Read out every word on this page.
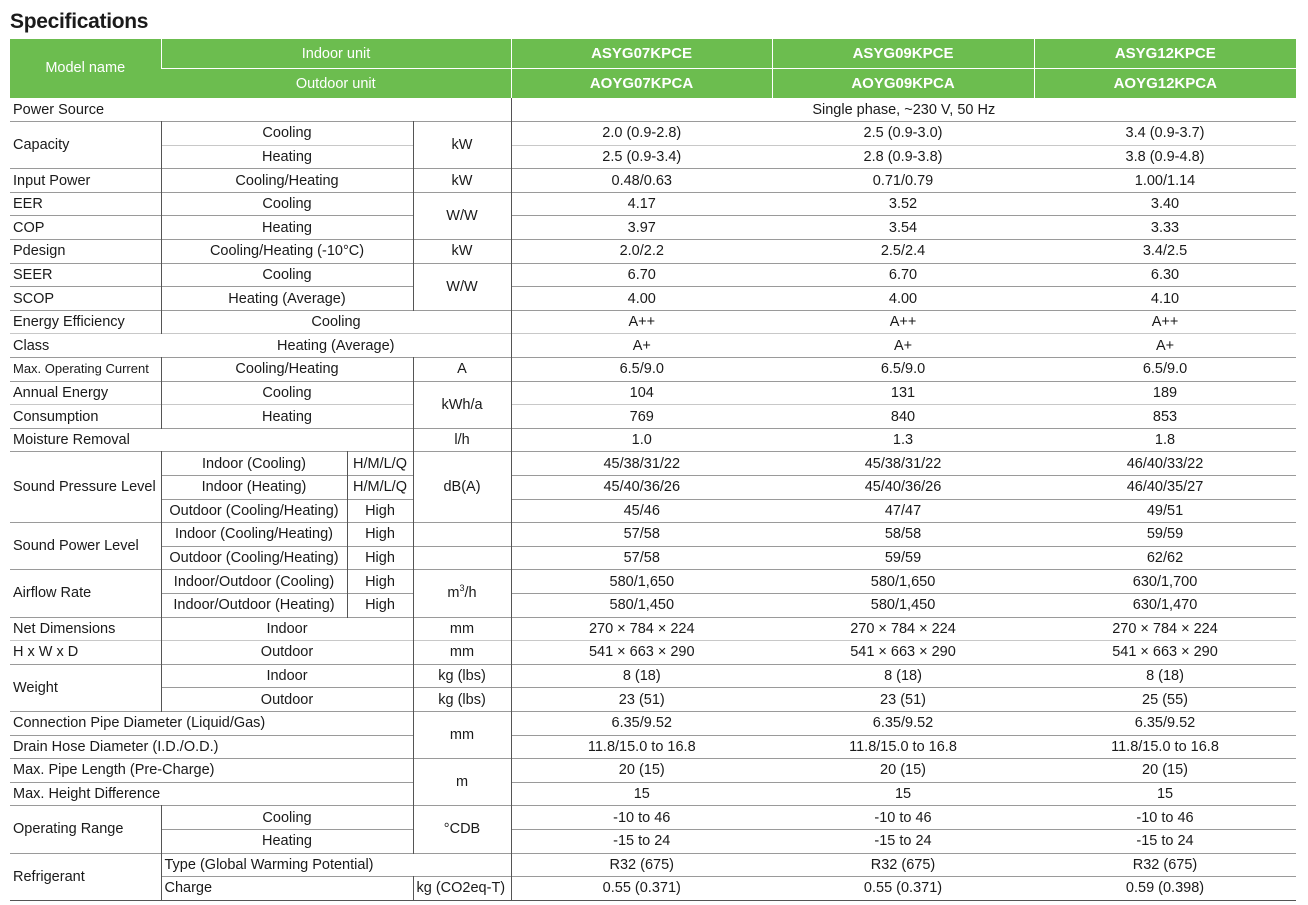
Specifications
Model name	Indoor unit			ASYG07KPCE	ASYG09KPCE	ASYG12KPCE
	Outdoor unit			AOYG07KPCA	AOYG09KPCA	AOYG12KPCA
Power Source				Single phase, ~230 V, 50 Hz		
Capacity	Cooling		kW	2.0 (0.9-2.8)	2.5 (0.9-3.0)	3.4 (0.9-3.7)
	Heating			2.5 (0.9-3.4)	2.8 (0.9-3.8)	3.8 (0.9-4.8)
Input Power	Cooling/Heating		kW	0.48/0.63	0.71/0.79	1.00/1.14
EER	Cooling		W/W	4.17	3.52	3.40
COP	Heating			3.97	3.54	3.33
Pdesign	Cooling/Heating (-10°C)		kW	2.0/2.2	2.5/2.4	3.4/2.5
SEER	Cooling		W/W	6.70	6.70	6.30
SCOP	Heating (Average)			4.00	4.00	4.10
Energy Efficiency	Cooling			A++	A++	A++
Class	Heating (Average)			A+	A+	A+
Max. Operating Current	Cooling/Heating		A	6.5/9.0	6.5/9.0	6.5/9.0
Annual Energy	Cooling		kWh/a	104	131	189
Consumption	Heating			769	840	853
Moisture Removal			l/h	1.0	1.3	1.8
Sound Pressure Level	Indoor (Cooling)	H/M/L/Q	dB(A)	45/38/31/22	45/38/31/22	46/40/33/22
	Indoor (Heating)	H/M/L/Q		45/40/36/26	45/40/36/26	46/40/35/27
	Outdoor (Cooling/Heating)	High		45/46	47/47	49/51
Sound Power Level	Indoor (Cooling/Heating)	High		57/58	58/58	59/59
	Outdoor (Cooling/Heating)	High		57/58	59/59	62/62
Airflow Rate	Indoor/Outdoor (Cooling)	High	$m^3/h$	580/1,650	580/1,650	630/1,700
	Indoor/Outdoor (Heating)	High		580/1,450	580/1,450	630/1,470
Net Dimensions	Indoor		mm	270 × 784 × 224	270 × 784 × 224	270 × 784 × 224
H x W x D	Outdoor		mm	541 × 663 × 290	541 × 663 × 290	541 × 663 × 290
Weight	Indoor		kg (lbs)	8 (18)	8 (18)	8 (18)
	Outdoor		kg (lbs)	23 (51)	23 (51)	25 (55)
Connection Pipe Diameter (Liquid/Gas)			mm	6.35/9.52	6.35/9.52	6.35/9.52
Drain Hose Diameter (I.D./O.D.)				11.8/15.0 to 16.8	11.8/15.0 to 16.8	11.8/15.0 to 16.8
Max. Pipe Length (Pre-Charge)			m	20 (15)	20 (15)	20 (15)
Max. Height Difference				15	15	15
Operating Range	Cooling		°CDB	-10 to 46	-10 to 46	-10 to 46
	Heating			-15 to 24	-15 to 24	-15 to 24
Refrigerant	Type (Global Warming Potential)			R32 (675)	R32 (675)	R32 (675)
	Charge		kg (CO2eq-T)	0.55 (0.371)	0.55 (0.371)	0.59 (0.398)
